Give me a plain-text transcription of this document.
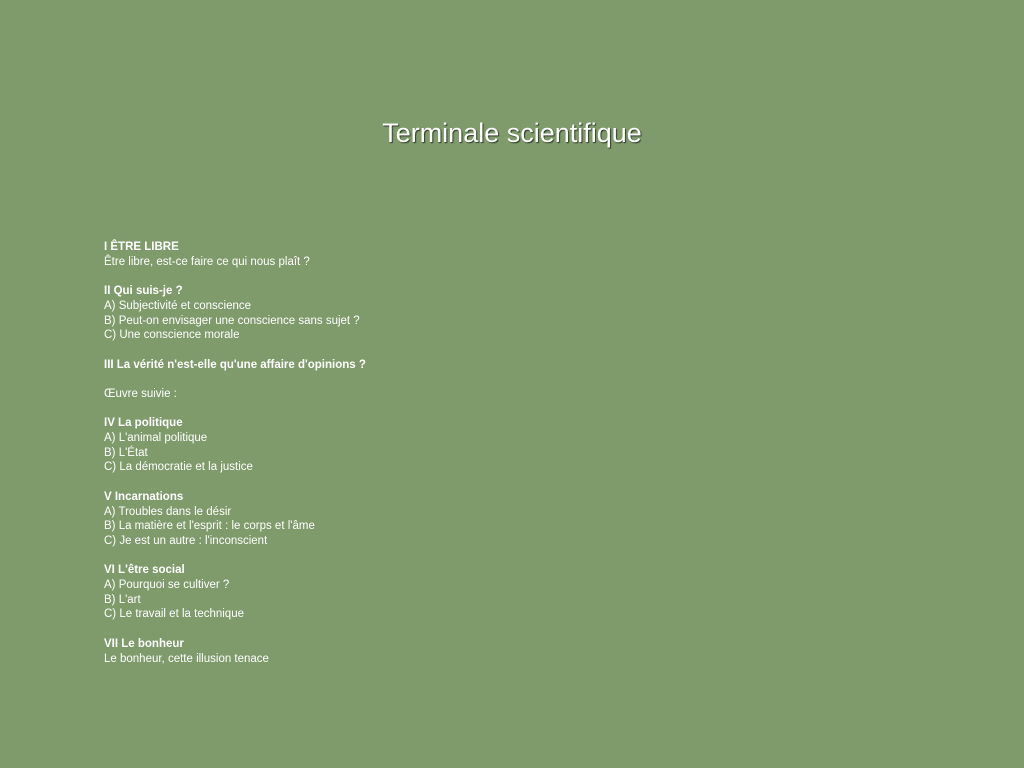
Terminale scientifique
I ÊTRE LIBRE
Être libre, est-ce faire ce qui nous plaît ?
II Qui suis-je ?
A) Subjectivité et conscience
B) Peut-on envisager une conscience sans sujet ?
C) Une conscience morale
III La vérité n'est-elle qu'une affaire d'opinions ?
Œuvre suivie :
IV La politique
A) L'animal politique
B) L'État
C) La démocratie et la justice
V Incarnations
A) Troubles dans le désir
B) La matière et l'esprit : le corps et l'âme
C) Je est un autre : l'inconscient
VI L'être social
A) Pourquoi se cultiver ?
B) L'art
C) Le travail et la technique
VII Le bonheur
Le bonheur, cette illusion tenace
